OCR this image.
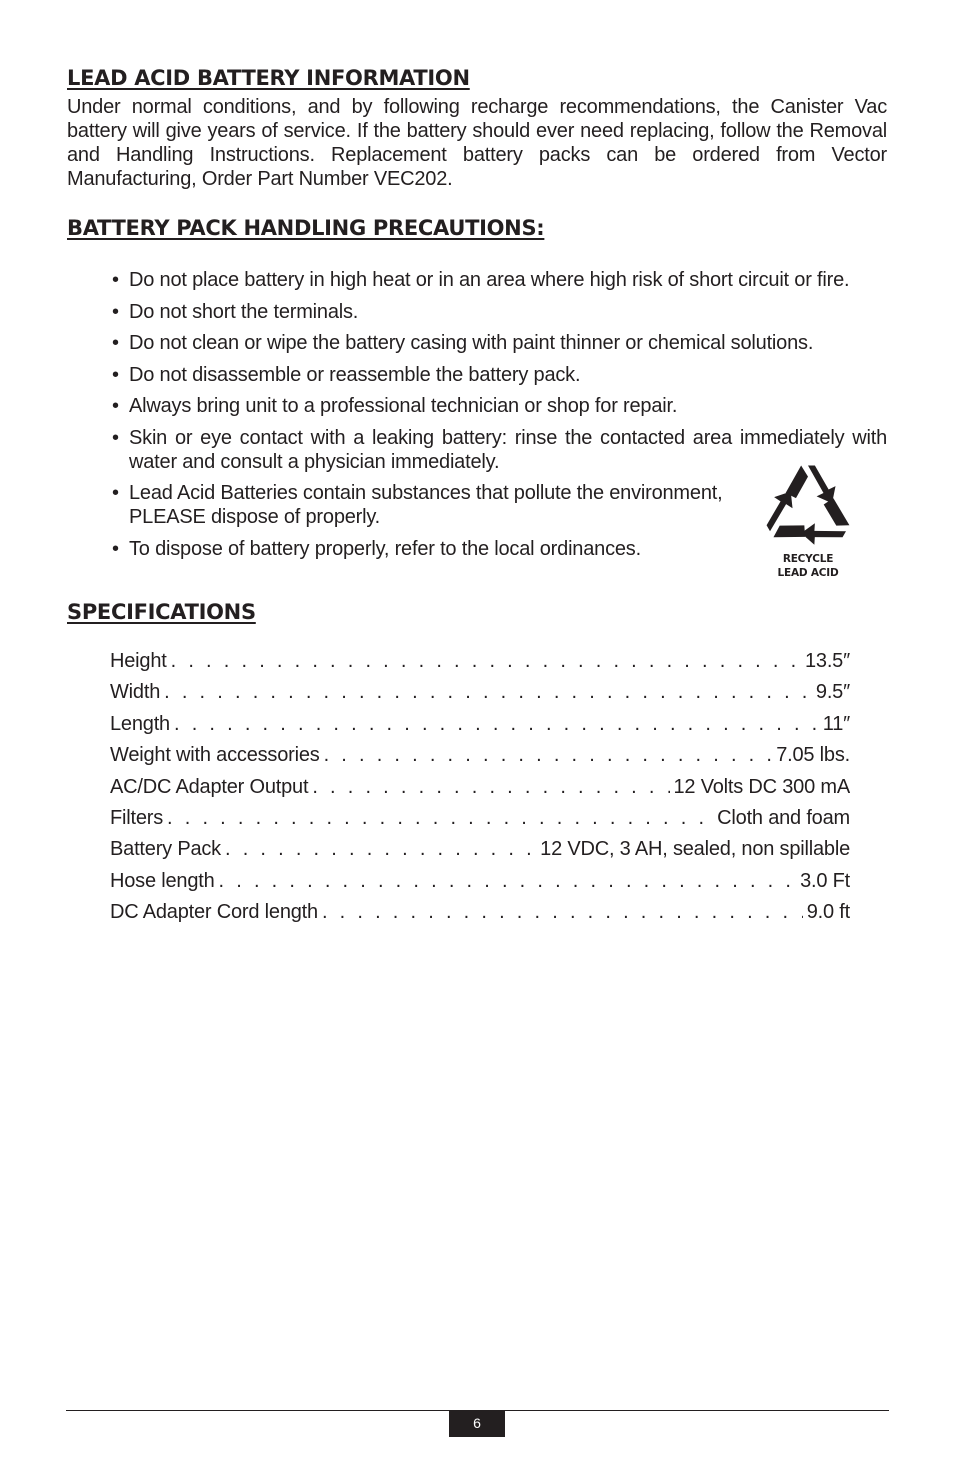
LEAD ACID BATTERY INFORMATION

Under normal conditions, and by following recharge recommendations, the Canister Vac battery will give years of service. If the battery should ever need replacing, follow the Removal and Handling Instructions. Replacement battery packs can be ordered from Vector Manufacturing, Order Part Number VEC202.

BATTERY PACK HANDLING PRECAUTIONS:
• Do not place battery in high heat or in an area where high risk of short circuit or fire.
• Do not short the terminals.
• Do not clean or wipe the battery casing with paint thinner or chemical solutions.
• Do not disassemble or reassemble the battery pack.
• Always bring unit to a professional technician or shop for repair.
• Skin or eye contact with a leaking battery: rinse the contacted area immediately with water and consult a physician immediately.
• Lead Acid Batteries contain substances that pollute the environment, PLEASE dispose of properly.
• To dispose of battery properly, refer to the local ordinances.	RECYCLE
LEAD ACID
SPECIFICATIONS
Height . . .	13.5″
Width . . .	9.5″
Length . . .	11″
Weight with accessories . . .	7.05 lbs.
AC/DC Adapter Output . . .	12 Volts DC 300 mA
Filters . . .	Cloth and foam
Battery Pack . . .	12 VDC, 3 AH, sealed, non spillable
Hose length . . .	3.0 Ft
DC Adapter Cord length . . .	9.0 ft
6
